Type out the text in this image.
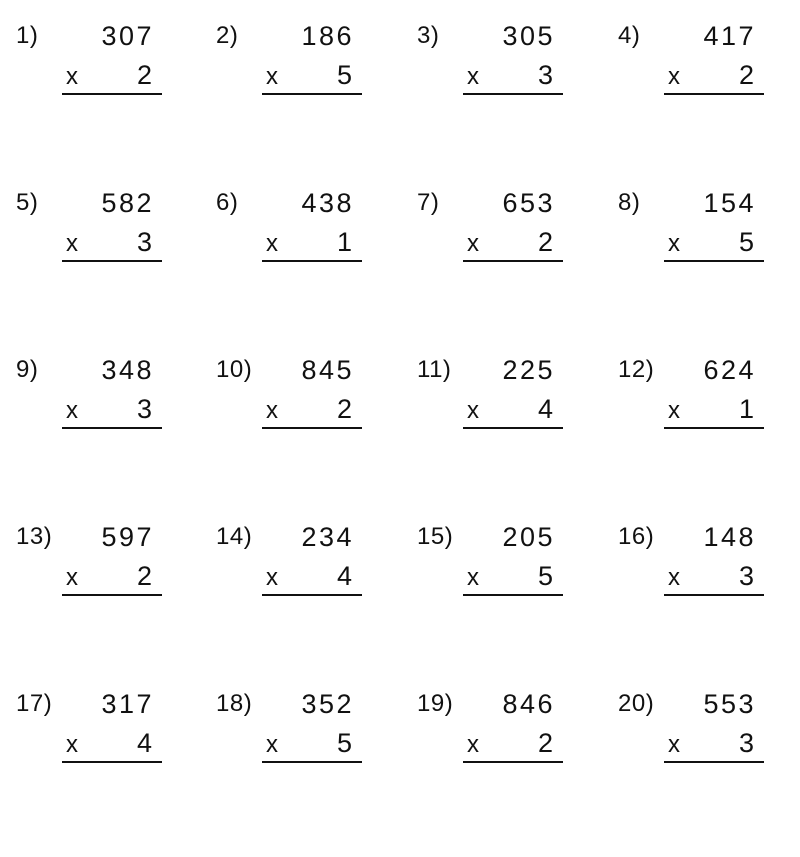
1) 307
x 2
2) 186
x 5
3) 305
x 3
4) 417
x 2
5) 582
x 3
6) 438
x 1
7) 653
x 2
8) 154
x 5
9) 348
x 3
10) 845
x 2
11) 225
x 4
12) 624
x 1
13) 597
x 2
14) 234
x 4
15) 205
x 5
16) 148
x 3
17) 317
x 4
18) 352
x 5
19) 846
x 2
20) 553
x 3
